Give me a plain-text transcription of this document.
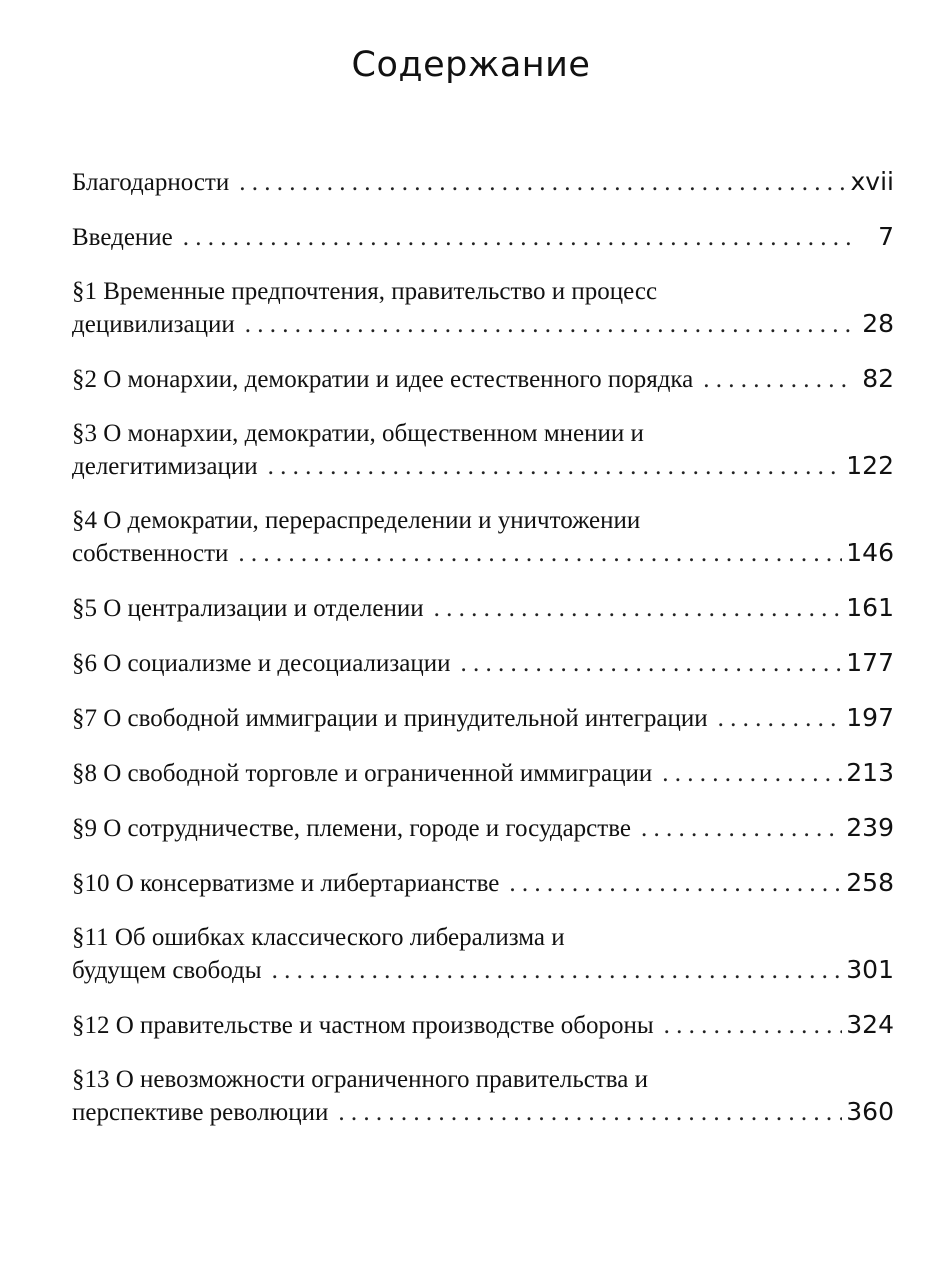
Содержание
Благодарности . . .	xvii
Введение . . .	7
§1 Временные предпочтения, правительство и процесс
децивилизации . . .	28
§2 О монархии, демократии и идее естественного порядка . . .	82
§3 О монархии, демократии, общественном мнении и
делегитимизации . . .	122
§4 О демократии, перераспределении и уничтожении
собственности . . .	146
§5 О централизации и отделении . . .	161
§6 О социализме и десоциализации . . .	177
§7 О свободной иммиграции и принудительной интеграции . . .	197
§8 О свободной торговле и ограниченной иммиграции . . .	213
§9 О сотрудничестве, племени, городе и государстве . . .	239
§10 О консерватизме и либертарианстве . . .	258
§11 Об ошибках классического либерализма и
будущем свободы . . .	301
§12 О правительстве и частном производстве обороны . . .	324
§13 О невозможности ограниченного правительства и
перспективе революции . . .	360
